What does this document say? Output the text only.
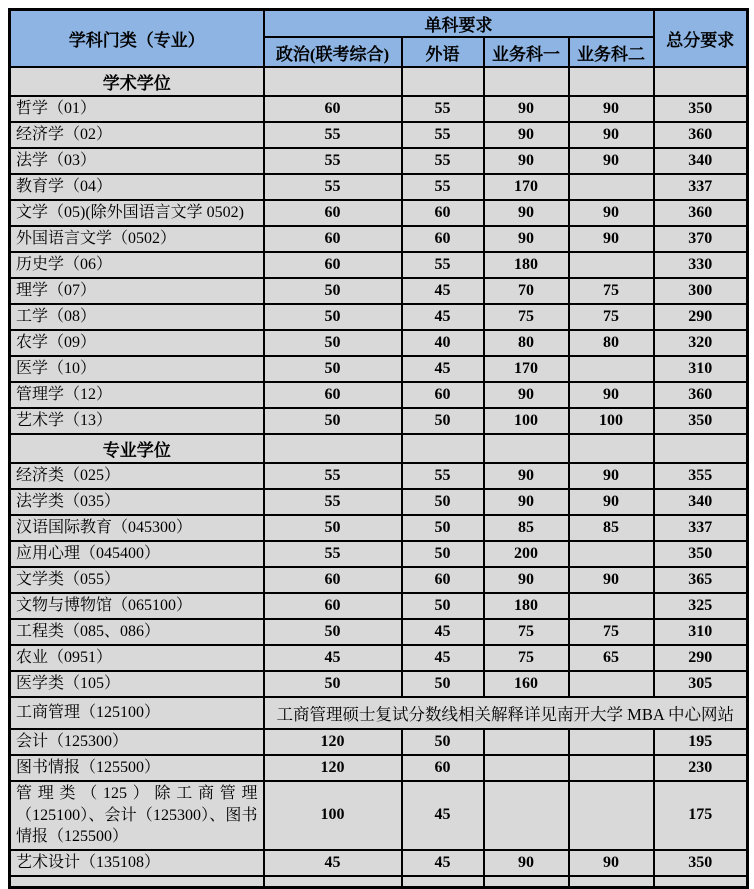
学科门类（专业）	单科要求				总分要求
	政治(联考综合)	外语	业务科一	业务科二	
学术学位					
哲学（01）	60	55	90	90	350
经济学（02）	55	55	90	90	360
法学（03）	55	55	90	90	340
教育学（04）	55	55	170		337
文学（05)(除外国语言文学 0502)	60	60	90	90	360
外国语言文学（0502）	60	60	90	90	370
历史学（06）	60	55	180		330
理学（07）	50	45	70	75	300
工学（08）	50	45	75	75	290
农学（09）	50	40	80	80	320
医学（10）	50	45	170		310
管理学（12）	60	60	90	90	360
艺术学（13）	50	50	100	100	350
专业学位					
经济类（025）	55	55	90	90	355
法学类（035）	55	50	90	90	340
汉语国际教育（045300）	50	50	85	85	337
应用心理（045400）	55	50	200		350
文学类（055）	60	60	90	90	365
文物与博物馆（065100）	60	50	180		325
工程类（085、086）	50	45	75	75	310
农业（0951）	45	45	75	65	290
医学类（105）	50	50	160		305
工商管理（125100）	工商管理硕士复试分数线相关解释详见南开大学 MBA 中心网站				
会计（125300）	120	50			195
图书情报（125500）	120	60			230
管理类（125）除工商管理（125100）、会计（125300）、图书情报（125500）	100	45			175
艺术设计（135108）	45	45	90	90	350
